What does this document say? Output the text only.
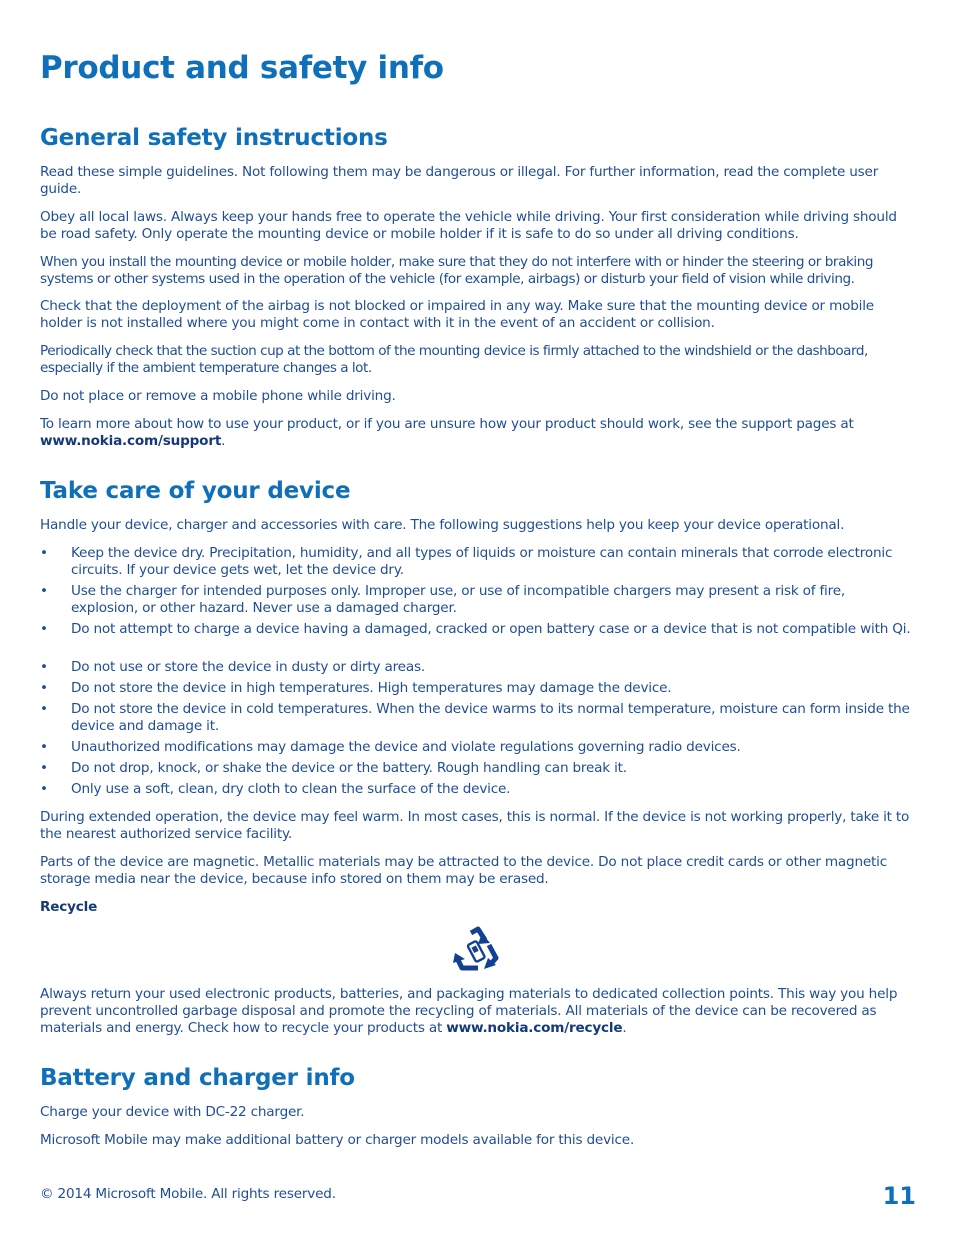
Product and safety info
General safety instructions

Read these simple guidelines. Not following them may be dangerous or illegal. For further information, read the complete user guide.

Obey all local laws. Always keep your hands free to operate the vehicle while driving. Your first consideration while driving should be road safety. Only operate the mounting device or mobile holder if it is safe to do so under all driving conditions.

When you install the mounting device or mobile holder, make sure that they do not interfere with or hinder the steering or braking systems or other systems used in the operation of the vehicle (for example, airbags) or disturb your field of vision while driving.

Check that the deployment of the airbag is not blocked or impaired in any way. Make sure that the mounting device or mobile holder is not installed where you might come in contact with it in the event of an accident or collision.

Periodically check that the suction cup at the bottom of the mounting device is firmly attached to the windshield or the dashboard, especially if the ambient temperature changes a lot.

Do not place or remove a mobile phone while driving.

To learn more about how to use your product, or if you are unsure how your product should work, see the support pages at www.nokia.com/support.

Take care of your device

Handle your device, charger and accessories with care. The following suggestions help you keep your device operational.

• Keep the device dry. Precipitation, humidity, and all types of liquids or moisture can contain minerals that corrode electronic circuits. If your device gets wet, let the device dry.
• Use the charger for intended purposes only. Improper use, or use of incompatible chargers may present a risk of fire, explosion, or other hazard. Never use a damaged charger.
• Do not attempt to charge a device having a damaged, cracked or open battery case or a device that is not compatible with Qi.
• Do not use or store the device in dusty or dirty areas.
• Do not store the device in high temperatures. High temperatures may damage the device.
• Do not store the device in cold temperatures. When the device warms to its normal temperature, moisture can form inside the device and damage it.
• Unauthorized modifications may damage the device and violate regulations governing radio devices.
• Do not drop, knock, or shake the device or the battery. Rough handling can break it.
• Only use a soft, clean, dry cloth to clean the surface of the device.

During extended operation, the device may feel warm. In most cases, this is normal. If the device is not working properly, take it to the nearest authorized service facility.

Parts of the device are magnetic. Metallic materials may be attracted to the device. Do not place credit cards or other magnetic storage media near the device, because info stored on them may be erased.

Recycle

Always return your used electronic products, batteries, and packaging materials to dedicated collection points. This way you help prevent uncontrolled garbage disposal and promote the recycling of materials. All materials of the device can be recovered as materials and energy. Check how to recycle your products at www.nokia.com/recycle.

Battery and charger info

Charge your device with DC-22 charger.

Microsoft Mobile may make additional battery or charger models available for this device.

© 2014 Microsoft Mobile. All rights reserved.	11
